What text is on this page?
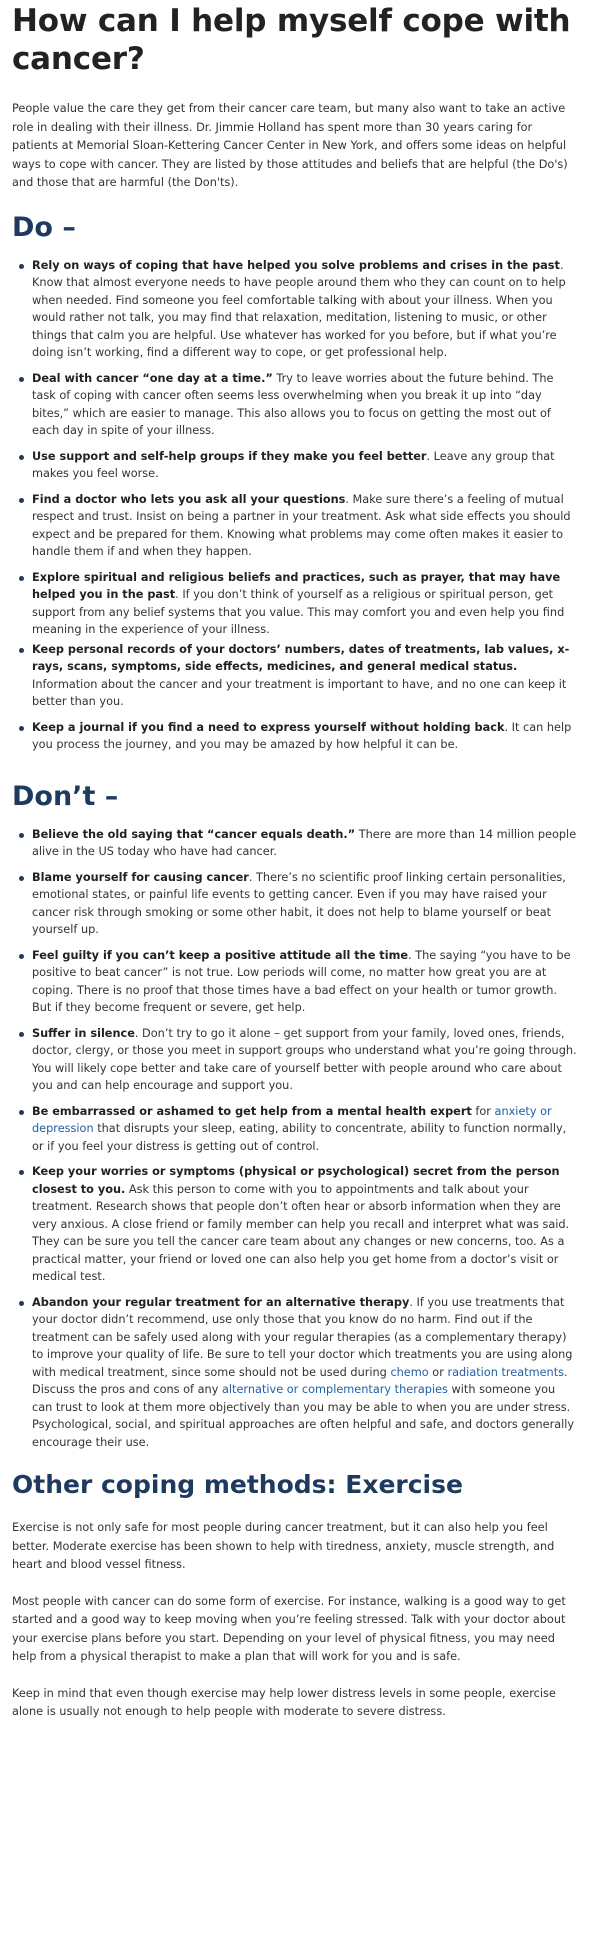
How can I help myself cope with cancer?

People value the care they get from their cancer care team, but many also want to take an active role in dealing with their illness. Dr. Jimmie Holland has spent more than 30 years caring for patients at Memorial Sloan-Kettering Cancer Center in New York, and offers some ideas on helpful ways to cope with cancer. They are listed by those attitudes and beliefs that are helpful (the Do's) and those that are harmful (the Don'ts).

Do –
Rely on ways of coping that have helped you solve problems and crises in the past. Know that almost everyone needs to have people around them who they can count on to help when needed. Find someone you feel comfortable talking with about your illness. When you would rather not talk, you may find that relaxation, meditation, listening to music, or other things that calm you are helpful. Use whatever has worked for you before, but if what you’re doing isn’t working, find a different way to cope, or get professional help.
Deal with cancer “one day at a time.” Try to leave worries about the future behind. The task of coping with cancer often seems less overwhelming when you break it up into “day bites,” which are easier to manage. This also allows you to focus on getting the most out of each day in spite of your illness.
Use support and self-help groups if they make you feel better. Leave any group that makes you feel worse.
Find a doctor who lets you ask all your questions. Make sure there’s a feeling of mutual respect and trust. Insist on being a partner in your treatment. Ask what side effects you should expect and be prepared for them. Knowing what problems may come often makes it easier to handle them if and when they happen.
Explore spiritual and religious beliefs and practices, such as prayer, that may have helped you in the past. If you don’t think of yourself as a religious or spiritual person, get support from any belief systems that you value. This may comfort you and even help you find meaning in the experience of your illness.
Keep personal records of your doctors’ numbers, dates of treatments, lab values, x-rays, scans, symptoms, side effects, medicines, and general medical status. Information about the cancer and your treatment is important to have, and no one can keep it better than you.
Keep a journal if you find a need to express yourself without holding back. It can help you process the journey, and you may be amazed by how helpful it can be.
Don’t –
Believe the old saying that “cancer equals death.” There are more than 14 million people alive in the US today who have had cancer.
Blame yourself for causing cancer. There’s no scientific proof linking certain personalities, emotional states, or painful life events to getting cancer. Even if you may have raised your cancer risk through smoking or some other habit, it does not help to blame yourself or beat yourself up.
Feel guilty if you can’t keep a positive attitude all the time. The saying “you have to be positive to beat cancer” is not true. Low periods will come, no matter how great you are at coping. There is no proof that those times have a bad effect on your health or tumor growth. But if they become frequent or severe, get help.
Suffer in silence. Don’t try to go it alone – get support from your family, loved ones, friends, doctor, clergy, or those you meet in support groups who understand what you’re going through. You will likely cope better and take care of yourself better with people around who care about you and can help encourage and support you.
Be embarrassed or ashamed to get help from a mental health expert for anxiety or depression that disrupts your sleep, eating, ability to concentrate, ability to function normally, or if you feel your distress is getting out of control.
Keep your worries or symptoms (physical or psychological) secret from the person closest to you. Ask this person to come with you to appointments and talk about your treatment. Research shows that people don’t often hear or absorb information when they are very anxious. A close friend or family member can help you recall and interpret what was said. They can be sure you tell the cancer care team about any changes or new concerns, too. As a practical matter, your friend or loved one can also help you get home from a doctor’s visit or medical test.
Abandon your regular treatment for an alternative therapy. If you use treatments that your doctor didn’t recommend, use only those that you know do no harm. Find out if the treatment can be safely used along with your regular therapies (as a complementary therapy) to improve your quality of life. Be sure to tell your doctor which treatments you are using along with medical treatment, since some should not be used during chemo or radiation treatments. Discuss the pros and cons of any alternative or complementary therapies with someone you can trust to look at them more objectively than you may be able to when you are under stress. Psychological, social, and spiritual approaches are often helpful and safe, and doctors generally encourage their use.
Other coping methods: Exercise

Exercise is not only safe for most people during cancer treatment, but it can also help you feel better. Moderate exercise has been shown to help with tiredness, anxiety, muscle strength, and heart and blood vessel fitness.

Most people with cancer can do some form of exercise. For instance, walking is a good way to get started and a good way to keep moving when you’re feeling stressed. Talk with your doctor about your exercise plans before you start. Depending on your level of physical fitness, you may need help from a physical therapist to make a plan that will work for you and is safe.

Keep in mind that even though exercise may help lower distress levels in some people, exercise alone is usually not enough to help people with moderate to severe distress.
